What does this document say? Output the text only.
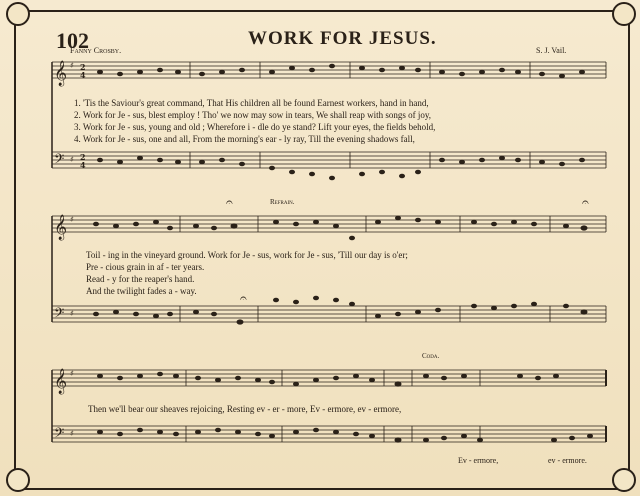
102	WORK FOR JESUS.
Fanny Crosby.	S. J. Vail.
𝄞
𝄢
𝄞
𝄢
𝄞
𝄢
♯
♯
♯
♯
♯
♯
2
4
2
4
𝄐
𝄐
𝄐
1. 'Tis the Saviour's great command, That His children all be found Earnest workers, hand in hand,
2. Work for Je - sus, blest employ ! Tho' we now may sow in tears, We shall reap with songs of joy,
3. Work for Je - sus, young and old ; Wherefore i - dle do ye stand? Lift your eyes, the fields behold,
4. Work for Je - sus, one and all, From the morning's ear - ly ray, Till the evening shadows fall,
Refrain.
Toil - ing in the vineyard ground. Work for Je - sus, work for Je - sus, 'Till our day is o'er;
Pre - cious grain in af - ter years.
Read - y for the reaper's hand.
And the twilight fades a - way.
Coda.
Then we'll bear our sheaves rejoicing, Resting ev - er - more, Ev - ermore, ev - ermore,
Ev - ermore,	ev - ermore.
